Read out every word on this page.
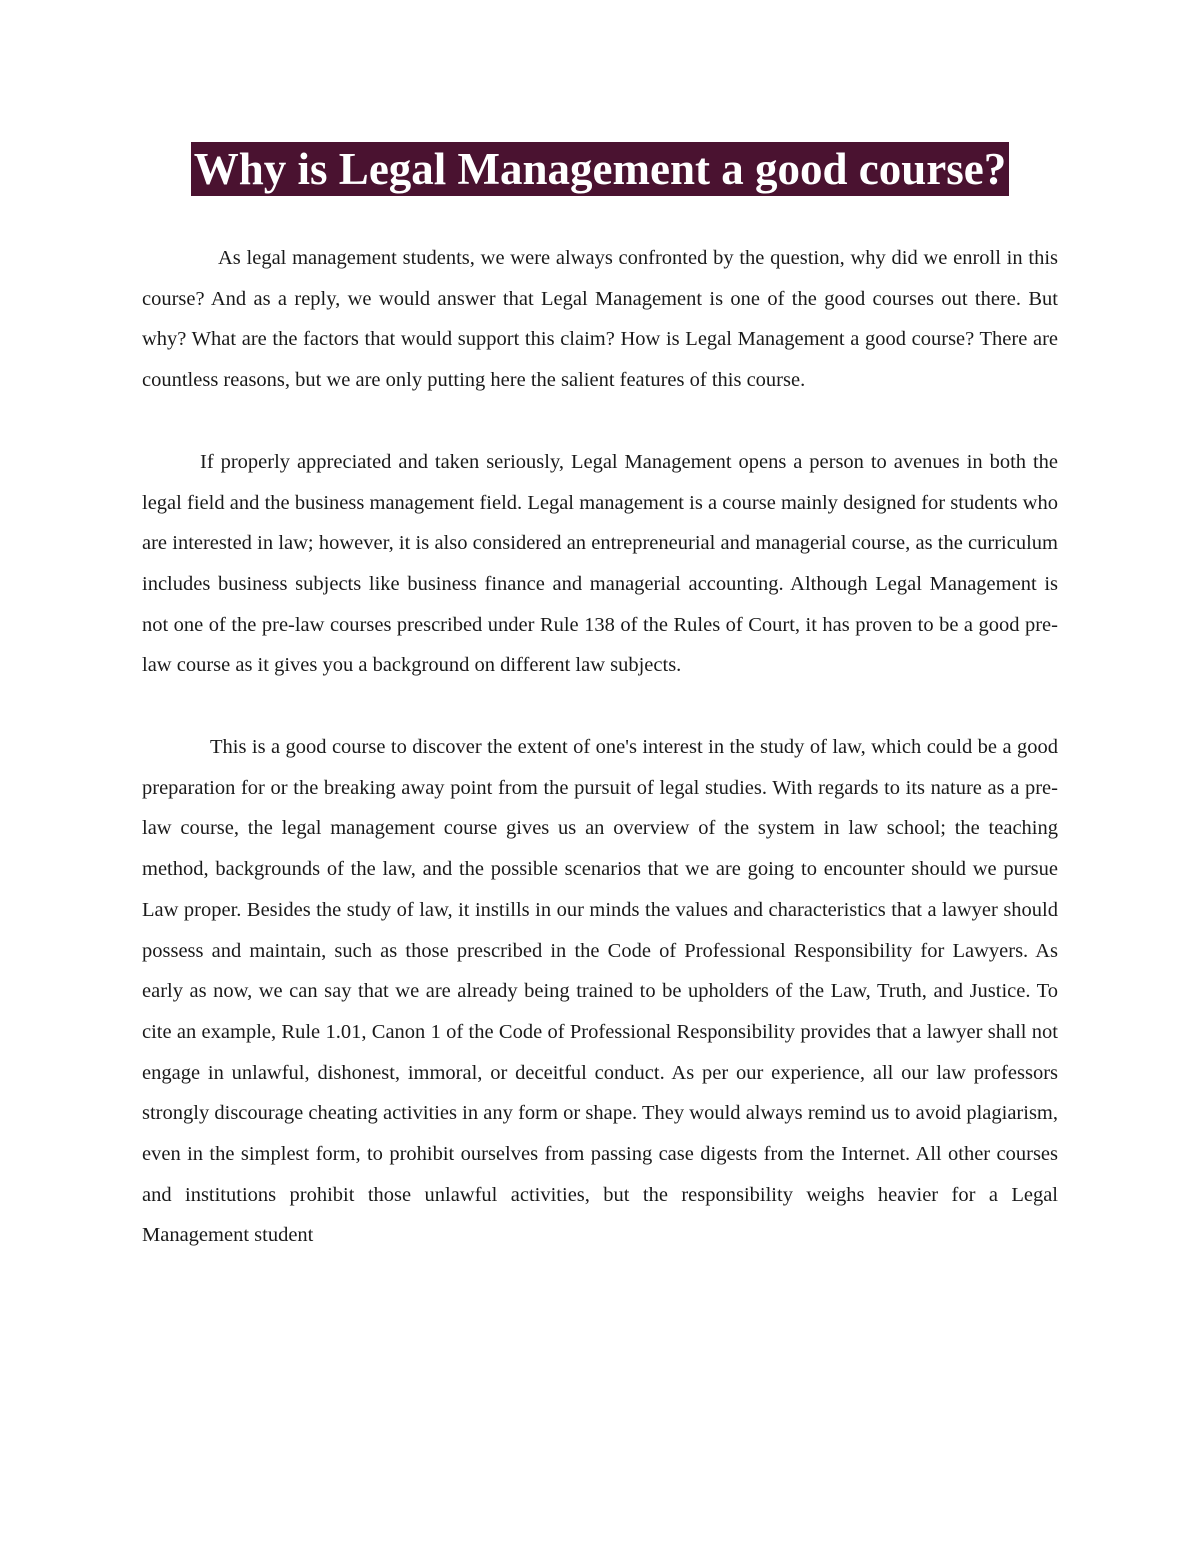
Why is Legal Management a good course?

As legal management students, we were always confronted by the question, why did we enroll in this course? And as a reply, we would answer that Legal Management is one of the good courses out there. But why? What are the factors that would support this claim? How is Legal Management a good course? There are countless reasons, but we are only putting here the salient features of this course.

If properly appreciated and taken seriously, Legal Management opens a person to avenues in both the legal field and the business management field. Legal management is a course mainly designed for students who are interested in law; however, it is also considered an entrepreneurial and managerial course, as the curriculum includes business subjects like business finance and managerial accounting. Although Legal Management is not one of the pre-law courses prescribed under Rule 138 of the Rules of Court, it has proven to be a good pre-law course as it gives you a background on different law subjects.

This is a good course to discover the extent of one's interest in the study of law, which could be a good preparation for or the breaking away point from the pursuit of legal studies. With regards to its nature as a pre-law course, the legal management course gives us an overview of the system in law school; the teaching method, backgrounds of the law, and the possible scenarios that we are going to encounter should we pursue Law proper. Besides the study of law, it instills in our minds the values and characteristics that a lawyer should possess and maintain, such as those prescribed in the Code of Professional Responsibility for Lawyers. As early as now, we can say that we are already being trained to be upholders of the Law, Truth, and Justice. To cite an example, Rule 1.01, Canon 1 of the Code of Professional Responsibility provides that a lawyer shall not engage in unlawful, dishonest, immoral, or deceitful conduct. As per our experience, all our law professors strongly discourage cheating activities in any form or shape. They would always remind us to avoid plagiarism, even in the simplest form, to prohibit ourselves from passing case digests from the Internet. All other courses and institutions prohibit those unlawful activities, but the responsibility weighs heavier for a Legal Management student
